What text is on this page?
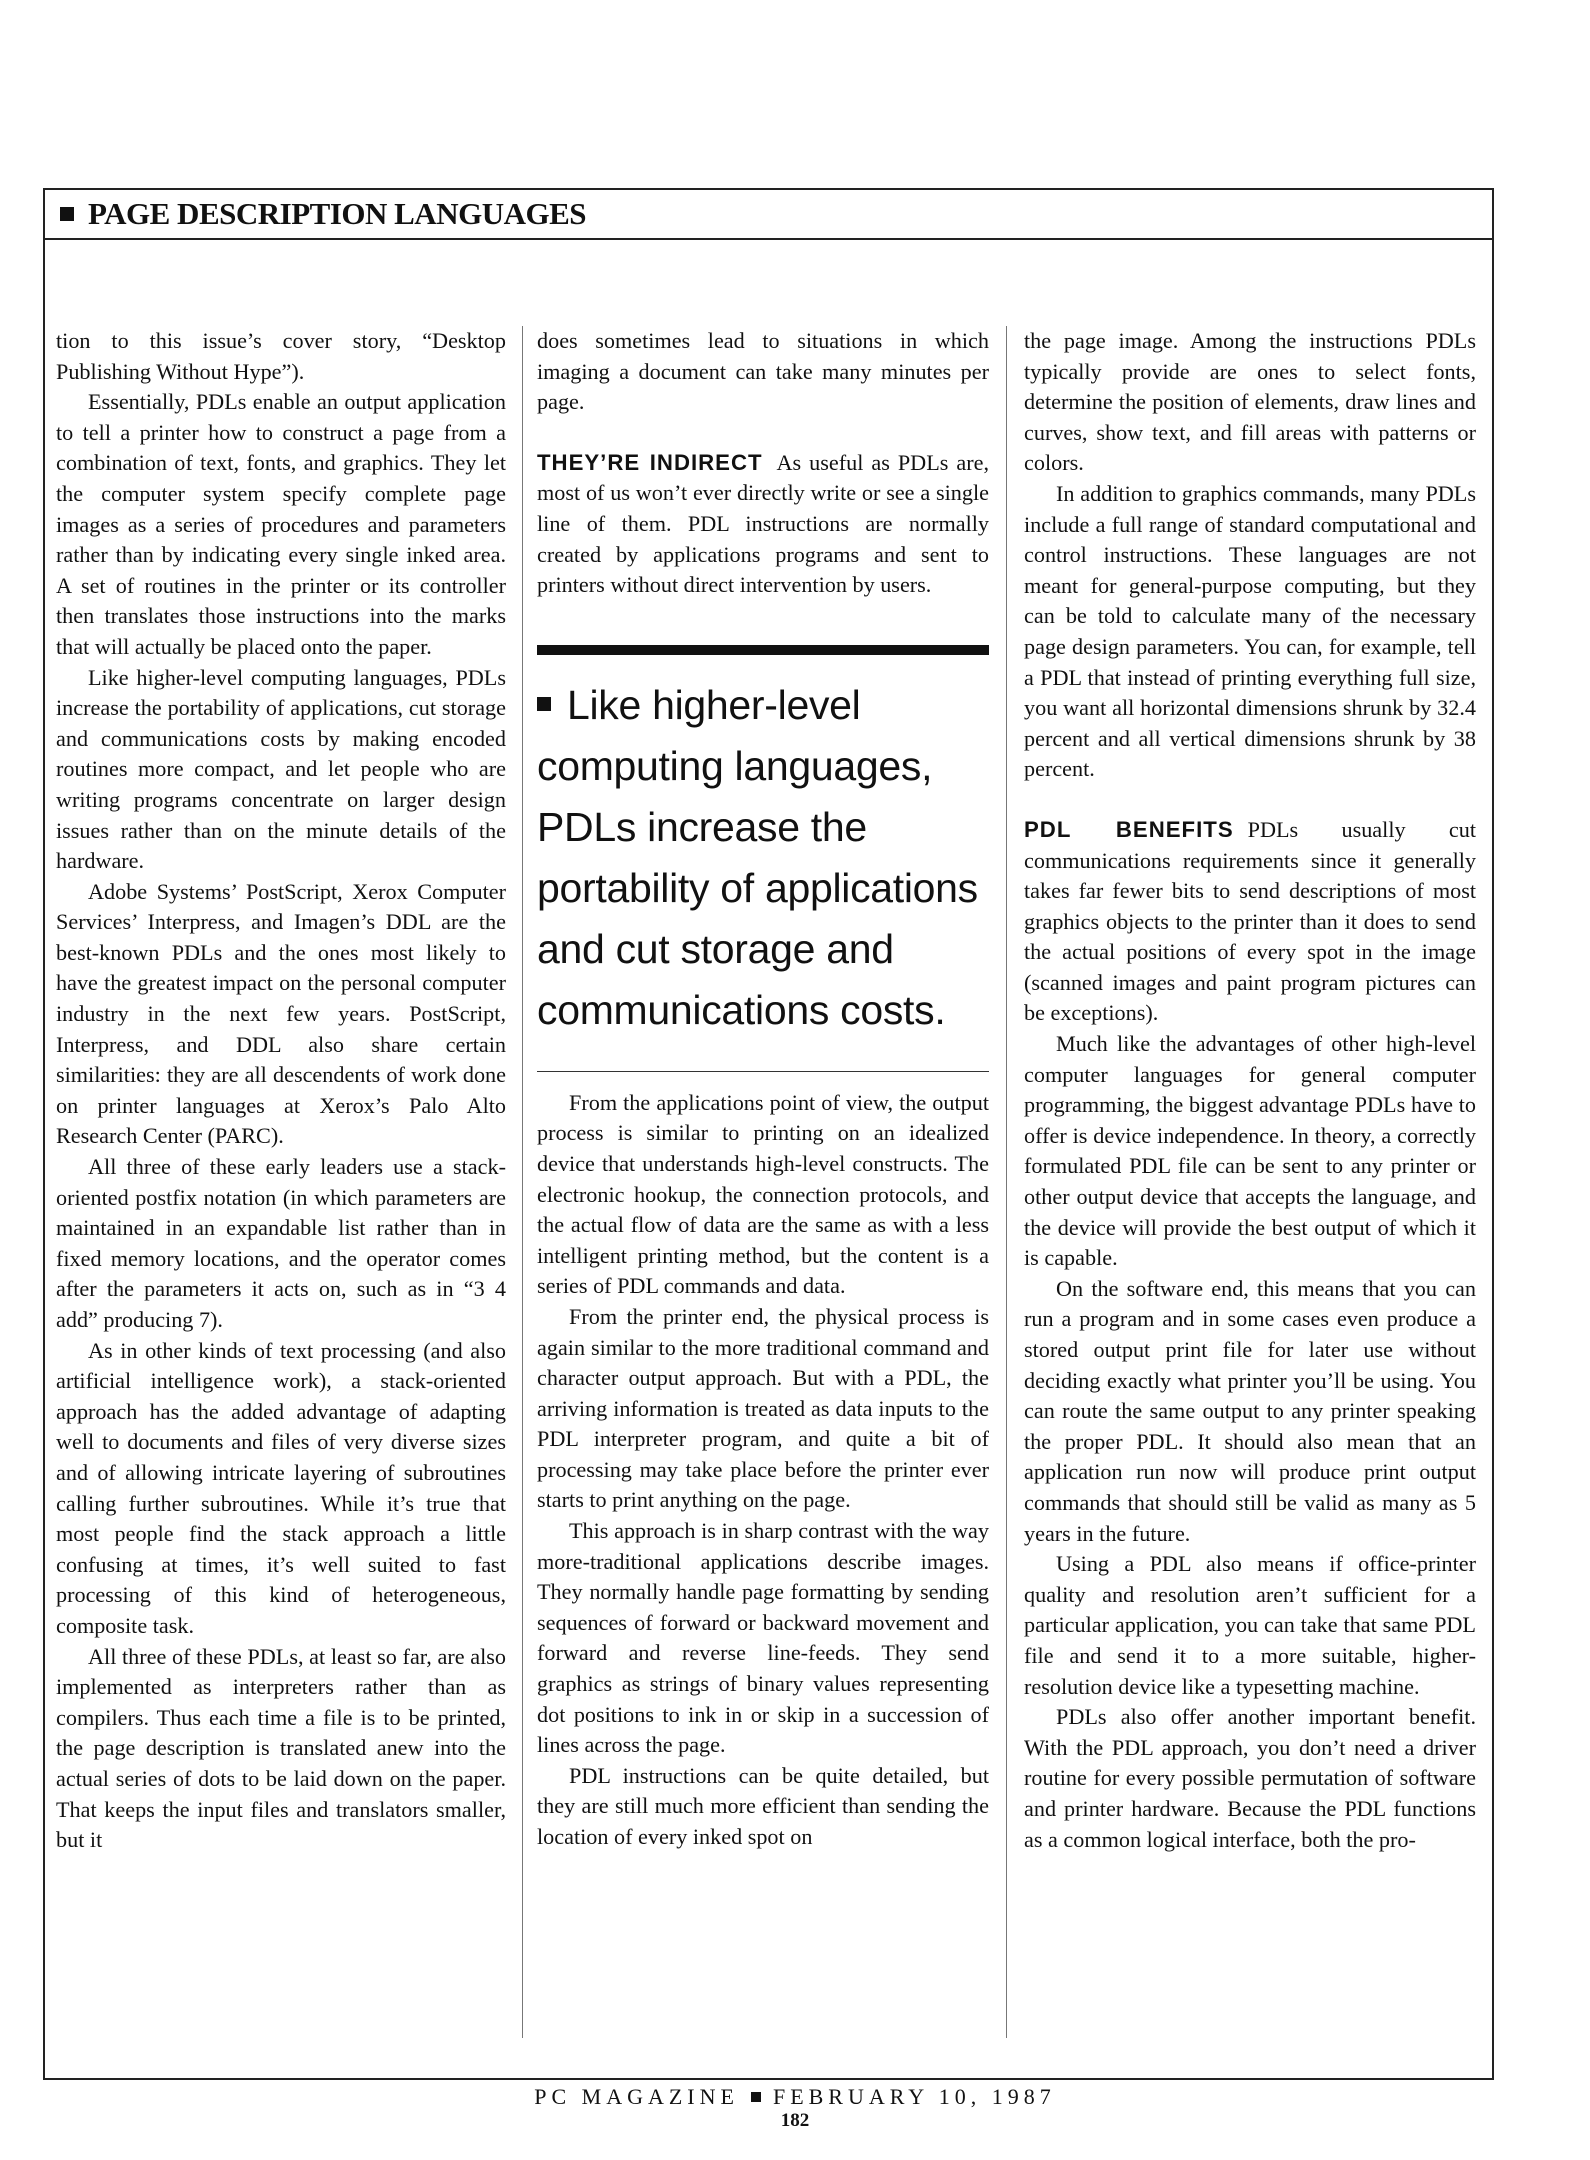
PAGE DESCRIPTION LANGUAGES

tion to this issue’s cover story, “Desktop Publishing Without Hype”).

Essentially, PDLs enable an output application to tell a printer how to construct a page from a combination of text, fonts, and graphics. They let the computer system specify complete page images as a series of procedures and parameters rather than by indicating every single inked area. A set of routines in the printer or its controller then translates those instructions into the marks that will actually be placed onto the paper.

Like higher-level computing languages, PDLs increase the portability of applications, cut storage and communications costs by making encoded routines more compact, and let people who are writing programs concentrate on larger design issues rather than on the minute details of the hardware.

Adobe Systems’ PostScript, Xerox Computer Services’ Interpress, and Imagen’s DDL are the best-known PDLs and the ones most likely to have the greatest impact on the personal computer industry in the next few years. PostScript, Interpress, and DDL also share certain similarities: they are all descendents of work done on printer languages at Xerox’s Palo Alto Research Center (PARC).

All three of these early leaders use a stack-oriented postfix notation (in which parameters are maintained in an expandable list rather than in fixed memory locations, and the operator comes after the parameters it acts on, such as in “3 4 add” producing 7).

As in other kinds of text processing (and also artificial intelligence work), a stack-oriented approach has the added advantage of adapting well to documents and files of very diverse sizes and of allowing intricate layering of subroutines calling further subroutines. While it’s true that most people find the stack approach a little confusing at times, it’s well suited to fast processing of this kind of heterogeneous, composite task.

All three of these PDLs, at least so far, are also implemented as interpreters rather than as compilers. Thus each time a file is to be printed, the page description is translated anew into the actual series of dots to be laid down on the paper. That keeps the input files and translators smaller, but it

does sometimes lead to situations in which imaging a document can take many minutes per page.

THEY’RE INDIRECT As useful as PDLs are, most of us won’t ever directly write or see a single line of them. PDL instructions are normally created by applications programs and sent to printers without direct intervention by users.

Like higher-level computing languages, PDLs increase the portability of applications and cut storage and communications costs.

From the applications point of view, the output process is similar to printing on an idealized device that understands high-level constructs. The electronic hookup, the connection protocols, and the actual flow of data are the same as with a less intelligent printing method, but the content is a series of PDL commands and data.

From the printer end, the physical process is again similar to the more traditional command and character output approach. But with a PDL, the arriving information is treated as data inputs to the PDL interpreter program, and quite a bit of processing may take place before the printer ever starts to print anything on the page.

This approach is in sharp contrast with the way more-traditional applications describe images. They normally handle page formatting by sending sequences of forward or backward movement and forward and reverse line-feeds. They send graphics as strings of binary values representing dot positions to ink in or skip in a succession of lines across the page.

PDL instructions can be quite detailed, but they are still much more efficient than sending the location of every inked spot on

the page image. Among the instructions PDLs typically provide are ones to select fonts, determine the position of elements, draw lines and curves, show text, and fill areas with patterns or colors.

In addition to graphics commands, many PDLs include a full range of standard computational and control instructions. These languages are not meant for general-purpose computing, but they can be told to calculate many of the necessary page design parameters. You can, for example, tell a PDL that instead of printing everything full size, you want all horizontal dimensions shrunk by 32.4 percent and all vertical dimensions shrunk by 38 percent.

PDL BENEFITS PDLs usually cut communications requirements since it generally takes far fewer bits to send descriptions of most graphics objects to the printer than it does to send the actual positions of every spot in the image (scanned images and paint program pictures can be exceptions).

Much like the advantages of other high-level computer languages for general computer programming, the biggest advantage PDLs have to offer is device independence. In theory, a correctly formulated PDL file can be sent to any printer or other output device that accepts the language, and the device will provide the best output of which it is capable.

On the software end, this means that you can run a program and in some cases even produce a stored output print file for later use without deciding exactly what printer you’ll be using. You can route the same output to any printer speaking the proper PDL. It should also mean that an application run now will produce print output commands that should still be valid as many as 5 years in the future.

Using a PDL also means if office-printer quality and resolution aren’t sufficient for a particular application, you can take that same PDL file and send it to a more suitable, higher-resolution device like a typesetting machine.

PDLs also offer another important benefit. With the PDL approach, you don’t need a driver routine for every possible permutation of software and printer hardware. Because the PDL functions as a common logical interface, both the pro-

PC MAGAZINE FEBRUARY 10, 1987
182
